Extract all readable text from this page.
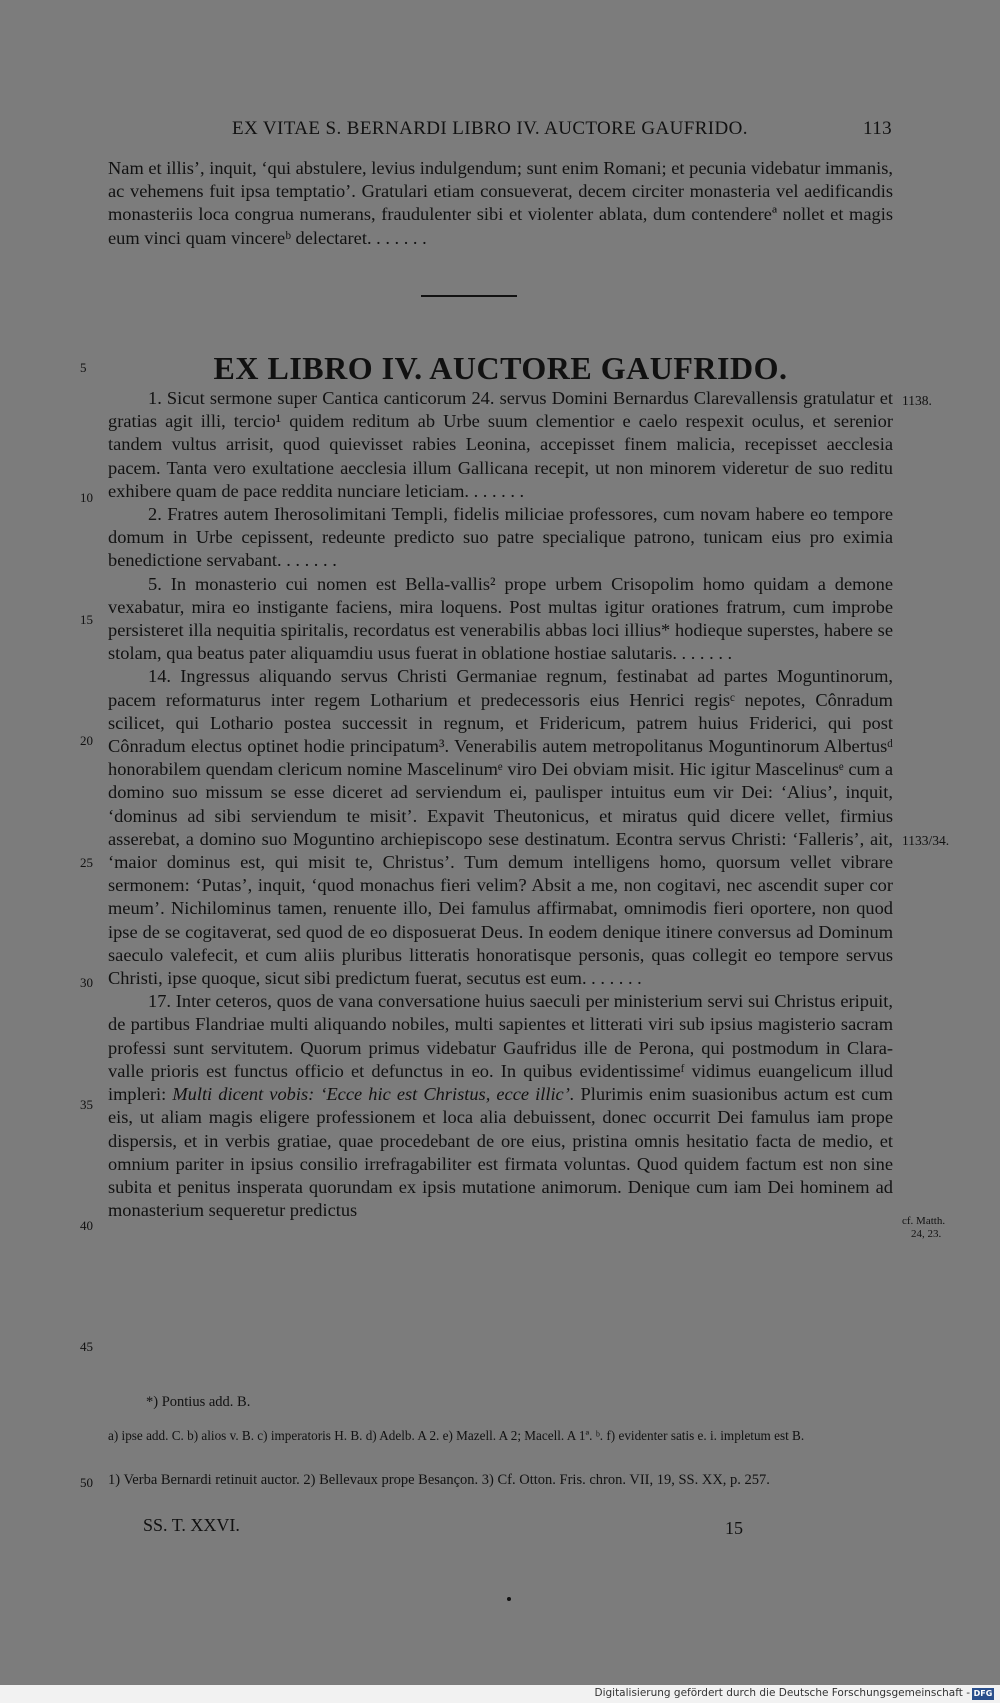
EX VITAE S. BERNARDI LIBRO IV. AUCTORE GAUFRIDO.	113

Nam et illis’, inquit, ‘qui abstulere, levius indulgendum; sunt enim Romani; et pecunia videbatur immanis, ac vehemens fuit ipsa temptatio’. Gratulari etiam consueverat, decem circiter monasteria vel aedificandis monasteriis loca congrua numerans, fraudulenter sibi et violenter ablata, dum contendereª nollet et magis eum vinci quam vincereᵇ delectaret. . . . . . .

EX LIBRO IV. AUCTORE GAUFRIDO.

1. Sicut sermone super Cantica canticorum 24. servus Domini Bernardus Clarevallensis gratulatur et gratias agit illi, tercio¹ quidem reditum ab Urbe suum clementior e caelo respexit oculus, et serenior tandem vultus arrisit, quod quievisset rabies Leonina, accepisset finem malicia, recepisset aecclesia pacem. Tanta vero exultatione aecclesia illum Gallicana recepit, ut non minorem videretur de suo reditu exhibere quam de pace reddita nunciare leticiam. . . . . . .

2. Fratres autem Iherosolimitani Templi, fidelis miliciae professores, cum novam habere eo tempore domum in Urbe cepissent, redeunte predicto suo patre specialique patrono, tunicam eius pro eximia benedictione servabant. . . . . . .

5. In monasterio cui nomen est Bella-vallis² prope urbem Crisopolim homo quidam a demone vexabatur, mira eo instigante faciens, mira loquens. Post multas igitur orationes fratrum, cum improbe persisteret illa nequitia spiritalis, recordatus est venerabilis abbas loci illius* hodieque superstes, habere se stolam, qua beatus pater aliquamdiu usus fuerat in oblatione hostiae salutaris. . . . . . .

14. Ingressus aliquando servus Christi Germaniae regnum, festinabat ad partes Moguntinorum, pacem reformaturus inter regem Lotharium et predecessoris eius Henrici regisᶜ nepotes, Cônradum scilicet, qui Lothario postea successit in regnum, et Fridericum, patrem huius Friderici, qui post Cônradum electus optinet hodie principatum³. Venerabilis autem metropolitanus Moguntinorum Albertusᵈ honorabilem quendam clericum nomine Mascelinumᵉ viro Dei obviam misit. Hic igitur Mascelinusᵉ cum a domino suo missum se esse diceret ad serviendum ei, paulisper intuitus eum vir Dei: ‘Alius’, inquit, ‘dominus ad sibi serviendum te misit’. Expavit Theutonicus, et miratus quid dicere vellet, firmius asserebat, a domino suo Moguntino archiepiscopo sese destinatum. Econtra servus Christi: ‘Falleris’, ait, ‘maior dominus est, qui misit te, Christus’. Tum demum intelligens homo, quorsum vellet vibrare sermonem: ‘Putas’, inquit, ‘quod monachus fieri velim? Absit a me, non cogitavi, nec ascendit super cor meum’. Nichilominus tamen, renuente illo, Dei famulus affirmabat, omnimodis fieri oportere, non quod ipse de se cogitaverat, sed quod de eo disposuerat Deus. In eodem denique itinere conversus ad Dominum saeculo valefecit, et cum aliis pluribus litteratis honoratisque personis, quas collegit eo tempore servus Christi, ipse quoque, sicut sibi predictum fuerat, secutus est eum. . . . . . .

17. Inter ceteros, quos de vana conversatione huius saeculi per ministerium servi sui Christus eripuit, de partibus Flandriae multi aliquando nobiles, multi sapientes et litterati viri sub ipsius magisterio sacram professi sunt servitutem. Quorum primus videbatur Gaufridus ille de Perona, qui postmodum in Clara-valle prioris est functus officio et defunctus in eo. In quibus evidentissimeᶠ vidimus euangelicum illud impleri: Multi dicent vobis: ‘Ecce hic est Christus, ecce illic’. Plurimis enim suasionibus actum est cum eis, ut aliam magis eligere professionem et loca alia debuissent, donec occurrit Dei famulus iam prope dispersis, et in verbis gratiae, quae procedebant de ore eius, pristina omnis hesitatio facta de medio, et omnium pariter in ipsius consilio irrefragabiliter est firmata voluntas. Quod quidem factum est non sine subita et penitus insperata quorundam ex ipsis mutatione animorum. Denique cum iam Dei hominem ad monasterium sequeretur predictus

5
10
15
20
25
30
35
40
45
50
1138.
1133/34.
cf. Matth.
24, 23.
*) Pontius add. B.
a) ipse add. C. b) alios v. B. c) imperatoris H. B. d) Adelb. A 2. e) Mazell. A 2; Macell. A 1ª. ᵇ. f) evidenter satis e. i. impletum est B.
1) Verba Bernardi retinuit auctor. 2) Bellevaux prope Besançon. 3) Cf. Otton. Fris. chron. VII, 19, SS. XX, p. 257.
SS. T. XXVI.	15
Digitalisierung gefördert durch die Deutsche Forschungsgemeinschaft - DFG
